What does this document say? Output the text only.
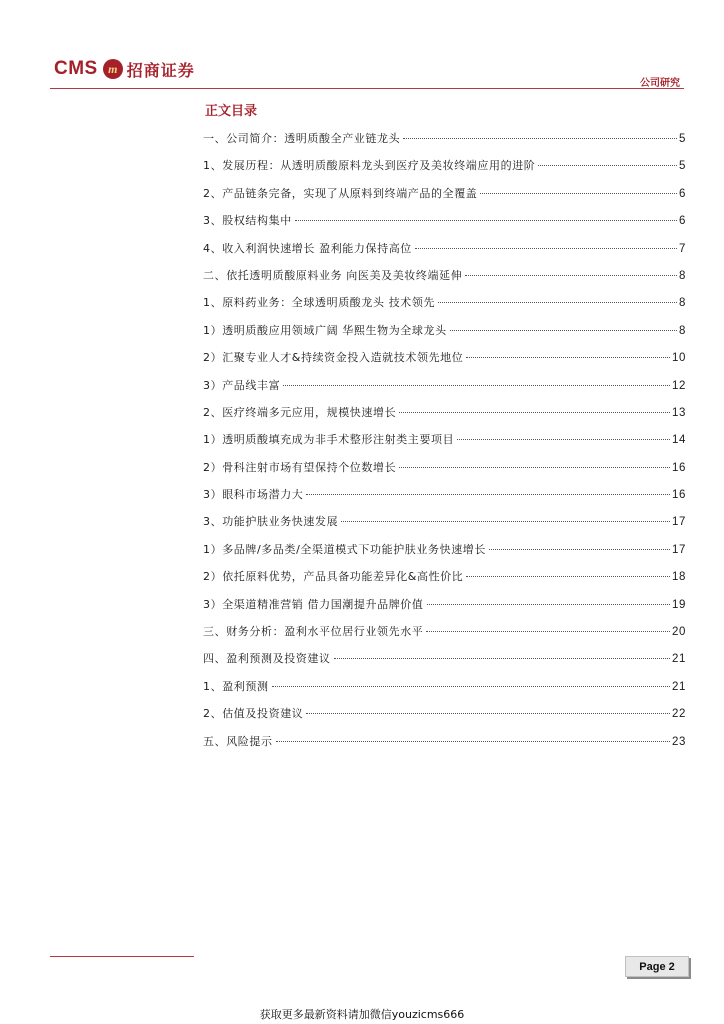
CMS m 招商证券
公司研究
正文目录
一、公司简介：透明质酸全产业链龙头	5
1、发展历程：从透明质酸原料龙头到医疗及美妆终端应用的进阶	5
2、产品链条完备，实现了从原料到终端产品的全覆盖	6
3、股权结构集中	6
4、收入利润快速增长 盈利能力保持高位	7
二、依托透明质酸原料业务 向医美及美妆终端延伸	8
1、原料药业务：全球透明质酸龙头 技术领先	8
1）透明质酸应用领域广阔 华熙生物为全球龙头	8
2）汇聚专业人才&持续资金投入造就技术领先地位	10
3）产品线丰富	12
2、医疗终端多元应用，规模快速增长	13
1）透明质酸填充成为非手术整形注射类主要项目	14
2）骨科注射市场有望保持个位数增长	16
3）眼科市场潜力大	16
3、功能护肤业务快速发展	17
1）多品牌/多品类/全渠道模式下功能护肤业务快速增长	17
2）依托原料优势，产品具备功能差异化&高性价比	18
3）全渠道精准营销 借力国潮提升品牌价值	19
三、财务分析：盈利水平位居行业领先水平	20
四、盈利预测及投资建议	21
1、盈利预测	21
2、估值及投资建议	22
五、风险提示	23
Page 2
获取更多最新资料请加微信youzicms666
